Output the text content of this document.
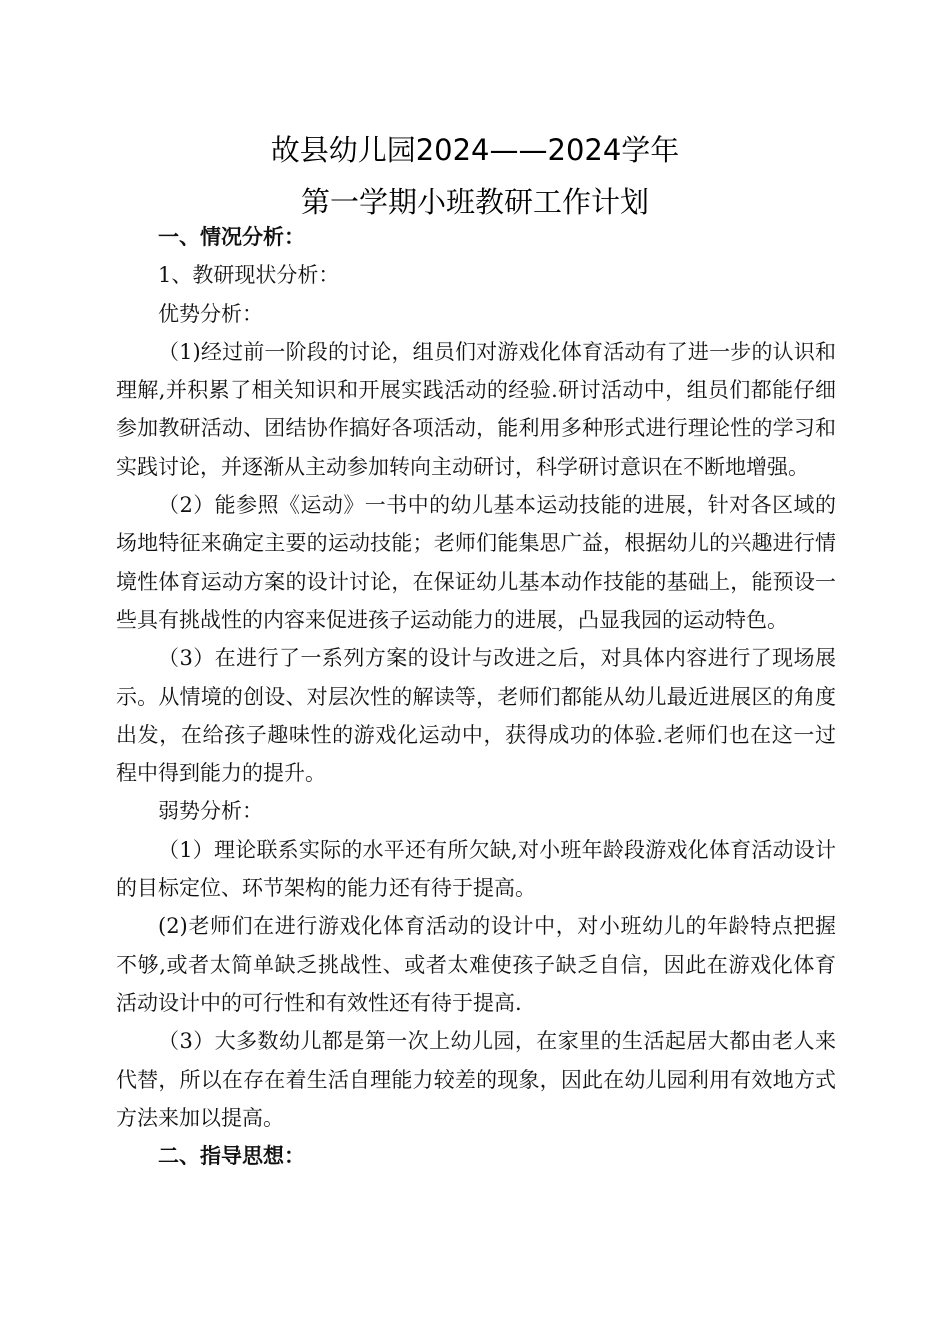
故县幼儿园2024——2024学年
第一学期小班教研工作计划

一、情况分析：

1、教研现状分析：

优势分析：

（1)经过前一阶段的讨论，组员们对游戏化体育活动有了进一步的认识和理解,并积累了相关知识和开展实践活动的经验.研讨活动中，组员们都能仔细参加教研活动、团结协作搞好各项活动，能利用多种形式进行理论性的学习和实践讨论，并逐渐从主动参加转向主动研讨，科学研讨意识在不断地增强。

（2）能参照《运动》一书中的幼儿基本运动技能的进展，针对各区域的场地特征来确定主要的运动技能；老师们能集思广益，根据幼儿的兴趣进行情境性体育运动方案的设计讨论，在保证幼儿基本动作技能的基础上，能预设一些具有挑战性的内容来促进孩子运动能力的进展，凸显我园的运动特色。

（3）在进行了一系列方案的设计与改进之后，对具体内容进行了现场展示。从情境的创设、对层次性的解读等，老师们都能从幼儿最近进展区的角度出发，在给孩子趣味性的游戏化运动中，获得成功的体验.老师们也在这一过程中得到能力的提升。

弱势分析：

（1）理论联系实际的水平还有所欠缺,对小班年龄段游戏化体育活动设计的目标定位、环节架构的能力还有待于提高。

(2)老师们在进行游戏化体育活动的设计中，对小班幼儿的年龄特点把握不够,或者太简单缺乏挑战性、或者太难使孩子缺乏自信，因此在游戏化体育活动设计中的可行性和有效性还有待于提高.

（3）大多数幼儿都是第一次上幼儿园，在家里的生活起居大都由老人来代替，所以在存在着生活自理能力较差的现象，因此在幼儿园利用有效地方式方法来加以提高。

二、指导思想：
